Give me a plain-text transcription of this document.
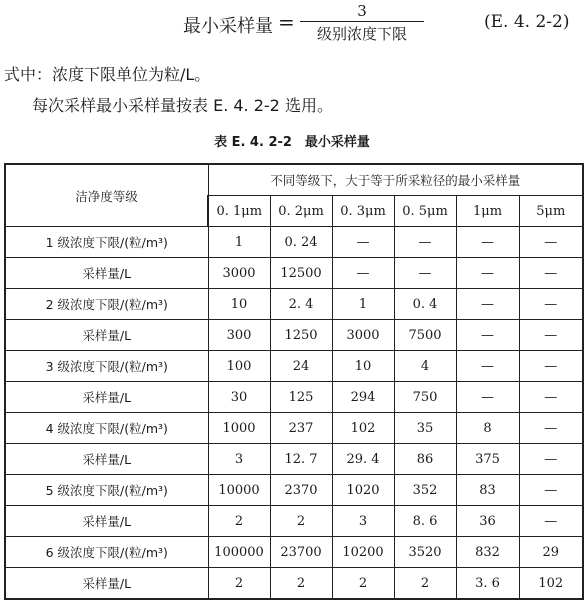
最小采样量 =	3
级别浓度下限
(E. 4. 2-2)
式中：浓度下限单位为粒/L。
每次采样最小采样量按表 E. 4. 2-2 选用。
表 E. 4. 2-2　最小采样量
洁净度等级	不同等级下，大于等于所采粒径的最小采样量					
	0. 1μm	0. 2μm	0. 3μm	0. 5μm	1μm	5μm
1 级浓度下限/(粒/m³)	1	0. 24	—	—	—	—
采样量/L	3000	12500	—	—	—	—
2 级浓度下限/(粒/m³)	10	2. 4	1	0. 4	—	—
采样量/L	300	1250	3000	7500	—	—
3 级浓度下限/(粒/m³)	100	24	10	4	—	—
采样量/L	30	125	294	750	—	—
4 级浓度下限/(粒/m³)	1000	237	102	35	8	—
采样量/L	3	12. 7	29. 4	86	375	—
5 级浓度下限/(粒/m³)	10000	2370	1020	352	83	—
采样量/L	2	2	3	8. 6	36	—
6 级浓度下限/(粒/m³)	100000	23700	10200	3520	832	29
采样量/L	2	2	2	2	3. 6	102
